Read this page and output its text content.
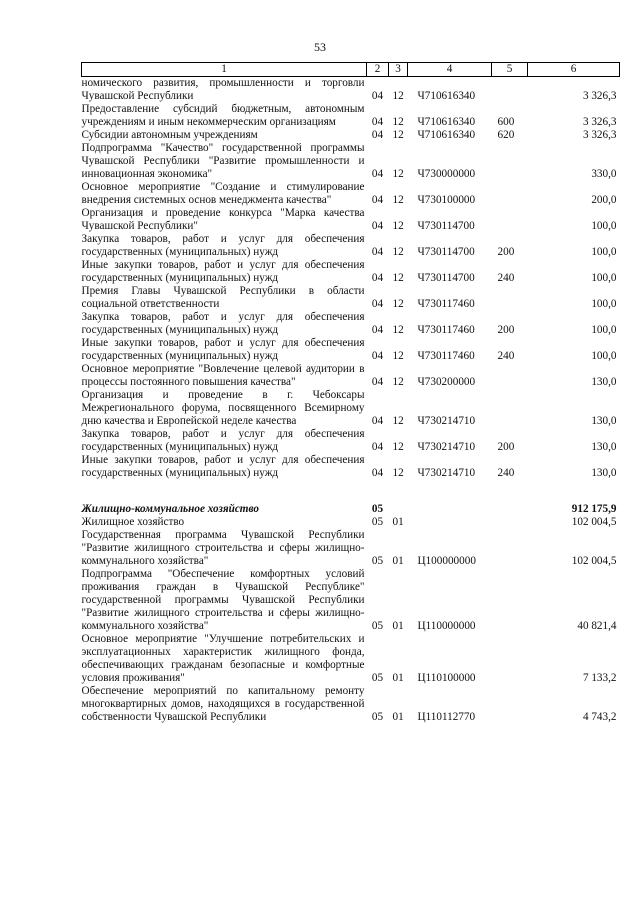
53
1	2	3	4	5	6
номического развития, промышленности и торговли Чувашской Республики	04	12	Ч710616340		3 326,3
Предоставление субсидий бюджетным, автономным учреждениям и иным некоммерческим организациям	04	12	Ч710616340	600	3 326,3
Субсидии автономным учреждениям	04	12	Ч710616340	620	3 326,3
Подпрограмма "Качество" государственной программы Чувашской Республики "Развитие промышленности и инновационная экономика"	04	12	Ч730000000		330,0
Основное мероприятие "Создание и стимулирование внедрения системных основ менеджмента качества"	04	12	Ч730100000		200,0
Организация и проведение конкурса "Марка качества Чувашской Республики"	04	12	Ч730114700		100,0
Закупка товаров, работ и услуг для обеспечения государственных (муниципальных) нужд	04	12	Ч730114700	200	100,0
Иные закупки товаров, работ и услуг для обеспечения государственных (муниципальных) нужд	04	12	Ч730114700	240	100,0
Премия Главы Чувашской Республики в области социальной ответственности	04	12	Ч730117460		100,0
Закупка товаров, работ и услуг для обеспечения государственных (муниципальных) нужд	04	12	Ч730117460	200	100,0
Иные закупки товаров, работ и услуг для обеспечения государственных (муниципальных) нужд	04	12	Ч730117460	240	100,0
Основное мероприятие "Вовлечение целевой аудитории в процессы постоянного повышения качества"	04	12	Ч730200000		130,0
Организация и проведение в г. Чебоксары Межрегионального форума, посвященного Всемирному дню качества и Европейской неделе качества	04	12	Ч730214710		130,0
Закупка товаров, работ и услуг для обеспечения государственных (муниципальных) нужд	04	12	Ч730214710	200	130,0
Иные закупки товаров, работ и услуг для обеспечения государственных (муниципальных) нужд	04	12	Ч730214710	240	130,0

Жилищно-коммунальное хозяйство	05				912 175,9
Жилищное хозяйство	05	01			102 004,5
Государственная программа Чувашской Республики "Развитие жилищного строительства и сферы жилищно-коммунального хозяйства"	05	01	Ц100000000		102 004,5
Подпрограмма "Обеспечение комфортных условий проживания граждан в Чувашской Республике" государственной программы Чувашской Республики "Развитие жилищного строительства и сферы жилищно-коммунального хозяйства"	05	01	Ц110000000		40 821,4
Основное мероприятие "Улучшение потребительских и эксплуатационных характеристик жилищного фонда, обеспечивающих гражданам безопасные и комфортные условия проживания"	05	01	Ц110100000		7 133,2
Обеспечение мероприятий по капитальному ремонту многоквартирных домов, находящихся в государственной собственности Чувашской Республики	05	01	Ц110112770		4 743,2
